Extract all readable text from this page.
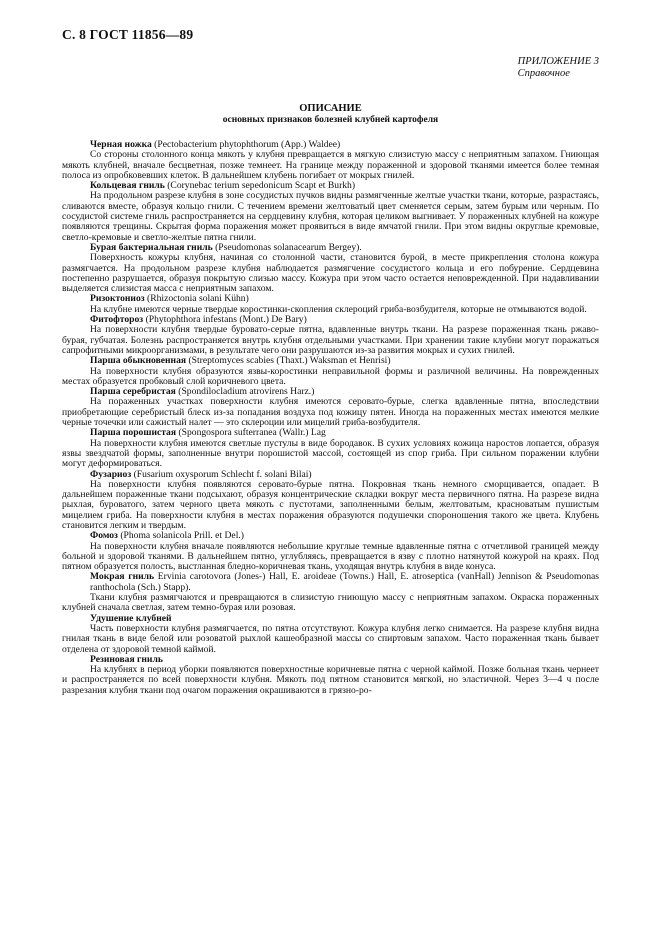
С. 8 ГОСТ 11856—89
ПРИЛОЖЕНИЕ 3
Справочное
ОПИСАНИЕ
основных признаков болезней клубней картофеля
Черная ножка (Pectobacterium phytophthorum (App.) Waldee)

Со стороны столонного конца мякоть у клубня превращается в мягкую слизистую массу с неприятным запахом. Гниющая мякоть клубней, вначале бесцветная, позже темнеет. На границе между пораженной и здоровой тканями имеется более темная полоса из опробковевших клеток. В дальнейшем клубень погибает от мокрых гнилей.

Кольцевая гниль (Corynebac terium sepedonicum Scapt et Burkh)

На продольном разрезе клубня в зоне сосудистых пучков видны размягченные желтые участки ткани, которые, разрастаясь, сливаются вместе, образуя кольцо гнили. С течением времени желтоватый цвет сменяется серым, затем бурым или черным. По сосудистой системе гниль распространяется на сердцевину клубня, которая целиком выгнивает. У пораженных клубней на кожуре появляются трещины. Скрытая форма поражения может проявиться в виде ямчатой гнили. При этом видны округлые кремовые, светло-кремовые и светло-желтые пятна гнили.

Бурая бактериальная гниль (Pseudomonas solanacearum Bergey).

Поверхность кожуры клубня, начиная со столонной части, становится бурой, в месте прикрепления столона кожура размягчается. На продольном разрезе клубня наблюдается размягчение сосудистого кольца и его побурение. Сердцевина постепенно разрушается, образуя покрытую слизью массу. Кожура при этом часто остается неповрежденной. При надавливании выделяется слизистая масса с неприятным запахом.

Ризоктониоз (Rhizoctonia solani Kühn)

На клубне имеются черные твердые коростинки-скопления склероций гриба-возбудителя, которые не отмываются водой.

Фитофтороз (Phytophthora infestans (Mont.) De Bary)

На поверхности клубня твердые буровато-серые пятна, вдавленные внутрь ткани. На разрезе пораженная ткань ржаво-бурая, губчатая. Болезнь распространяется внутрь клубня отдельными участками. При хранении такие клубни могут поражаться сапрофитными микроорганизмами, в результате чего они разрушаются из-за развития мокрых и сухих гнилей.

Парша обыкновенная (Streptomyces scabies (Thaxt.) Waksman et Henrisi)

На поверхности клубня образуются язвы-коростинки неправильной формы и различной величины. На поврежденных местах образуется пробковый слой коричневого цвета.

Парша серебристая (Spondilocladium atrovirens Harz.)

На пораженных участках поверхности клубня имеются серовато-бурые, слегка вдавленные пятна, впоследствии приобретающие серебристый блеск из-за попадания воздуха под кожицу пятен. Иногда на пораженных местах имеются мелкие черные точечки или сажистый налет — это склероции или мицелий гриба-возбудителя.

Парша порошистая (Spongospora sufterranea (Wallr.) Lag

На поверхности клубня имеются светлые пустулы в виде бородавок. В сухих условиях кожица наростов лопается, образуя язвы звездчатой формы, заполненные внутри порошистой массой, состоящей из спор гриба. При сильном поражении клубни могут деформироваться.

Фузариоз (Fusarium oxysporum Schlecht f. solani Bilai)

На поверхности клубня появляются серовато-бурые пятна. Покровная ткань немного сморщивается, опадает. В дальнейшем пораженные ткани подсыхают, образуя концентрические складки вокруг места первичного пятна. На разрезе видна рыхлая, буроватого, затем черного цвета мякоть с пустотами, заполненными белым, желтоватым, красноватым пушистым мицелием гриба. На поверхности клубня в местах поражения образуются подушечки спороношения такого же цвета. Клубень становится легким и твердым.

Фомоз (Phoma solanicola Prill. et Del.)

На поверхности клубня вначале появляются небольшие круглые темные вдавленные пятна с отчетливой границей между больной и здоровой тканями. В дальнейшем пятно, углубляясь, превращается в язву с плотно натянутой кожурой на краях. Под пятном образуется полость, выстланная бледно-коричневая ткань, уходящая внутрь клубня в виде конуса.

Мокрая гниль Ervinia carotovora (Jones-) Hall, E. aroideae (Towns.) Hall, E. atroseptica (vanHall) Jennison & Pseudomonas ranthochola (Sch.) Stapp).

Ткани клубня размягчаются и превращаются в слизистую гниющую массу с неприятным запахом. Окраска пораженных клубней сначала светлая, затем темно-бурая или розовая.

Удушение клубней

Часть поверхности клубня размягчается, по пятна отсутствуют. Кожура клубня легко снимается. На разрезе клубня видна гнилая ткань в виде белой или розоватой рыхлой кашеобразной массы со спиртовым запахом. Часто пораженная ткань бывает отделена от здоровой темной каймой.

Резиновая гниль

На клубнях в период уборки появляются поверхностные коричневые пятна с черной каймой. Позже больная ткань чернеет и распространяется по всей поверхности клубня. Мякоть под пятном становится мягкой, но эластичной. Через 3—4 ч после разрезания клубня ткани под очагом поражения окрашиваются в грязно-ро-
